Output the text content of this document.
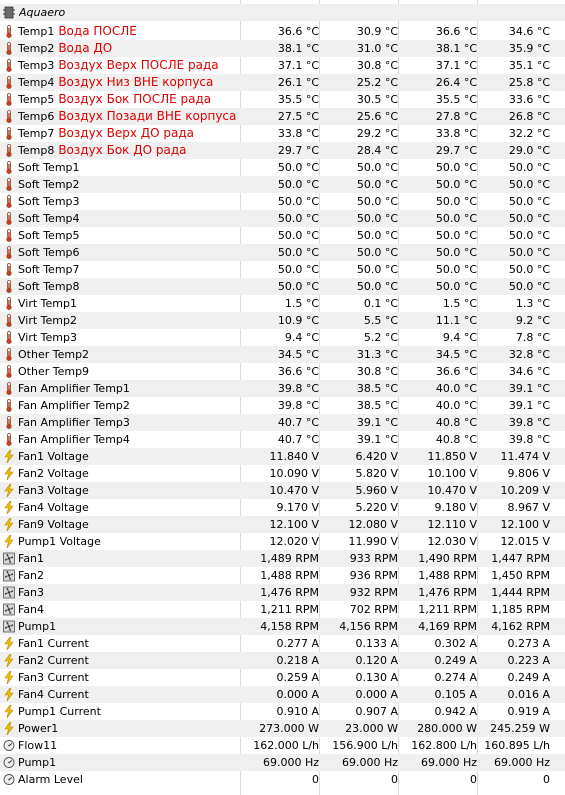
Aquaero
Temp1 Вода ПОСЛЕ	36.6 °C	30.9 °C	36.6 °C	34.6 °C
Temp2 Вода ДО	38.1 °C	31.0 °C	38.1 °C	35.9 °C
Temp3 Воздух Верх ПОСЛЕ рада	37.1 °C	30.8 °C	37.1 °C	35.1 °C
Temp4 Воздух Низ ВНЕ корпуса	26.1 °C	25.2 °C	26.4 °C	25.8 °C
Temp5 Воздух Бок ПОСЛЕ рада	35.5 °C	30.5 °C	35.5 °C	33.6 °C
Temp6 Воздух Позади ВНЕ корпуса	27.5 °C	25.6 °C	27.8 °C	26.8 °C
Temp7 Воздух Верх ДО рада	33.8 °C	29.2 °C	33.8 °C	32.2 °C
Temp8 Воздух Бок ДО рада	29.7 °C	28.4 °C	29.7 °C	29.0 °C
Soft Temp1	50.0 °C	50.0 °C	50.0 °C	50.0 °C
Soft Temp2	50.0 °C	50.0 °C	50.0 °C	50.0 °C
Soft Temp3	50.0 °C	50.0 °C	50.0 °C	50.0 °C
Soft Temp4	50.0 °C	50.0 °C	50.0 °C	50.0 °C
Soft Temp5	50.0 °C	50.0 °C	50.0 °C	50.0 °C
Soft Temp6	50.0 °C	50.0 °C	50.0 °C	50.0 °C
Soft Temp7	50.0 °C	50.0 °C	50.0 °C	50.0 °C
Soft Temp8	50.0 °C	50.0 °C	50.0 °C	50.0 °C
Virt Temp1	1.5 °C	0.1 °C	1.5 °C	1.3 °C
Virt Temp2	10.9 °C	5.5 °C	11.1 °C	9.2 °C
Virt Temp3	9.4 °C	5.2 °C	9.4 °C	7.8 °C
Other Temp2	34.5 °C	31.3 °C	34.5 °C	32.8 °C
Other Temp9	36.6 °C	30.8 °C	36.6 °C	34.6 °C
Fan Amplifier Temp1	39.8 °C	38.5 °C	40.0 °C	39.1 °C
Fan Amplifier Temp2	39.8 °C	38.5 °C	40.0 °C	39.1 °C
Fan Amplifier Temp3	40.7 °C	39.1 °C	40.8 °C	39.8 °C
Fan Amplifier Temp4	40.7 °C	39.1 °C	40.8 °C	39.8 °C
Fan1 Voltage	11.840 V	6.420 V	11.850 V	11.474 V
Fan2 Voltage	10.090 V	5.820 V	10.100 V	9.806 V
Fan3 Voltage	10.470 V	5.960 V	10.470 V	10.209 V
Fan4 Voltage	9.170 V	5.220 V	9.180 V	8.967 V
Fan9 Voltage	12.100 V	12.080 V	12.110 V	12.100 V
Pump1 Voltage	12.020 V	11.990 V	12.030 V	12.015 V
Fan1	1,489 RPM	933 RPM	1,490 RPM	1,447 RPM
Fan2	1,488 RPM	936 RPM	1,488 RPM	1,450 RPM
Fan3	1,476 RPM	932 RPM	1,476 RPM	1,444 RPM
Fan4	1,211 RPM	702 RPM	1,211 RPM	1,185 RPM
Pump1	4,158 RPM	4,156 RPM	4,169 RPM	4,162 RPM
Fan1 Current	0.277 A	0.133 A	0.302 A	0.273 A
Fan2 Current	0.218 A	0.120 A	0.249 A	0.223 A
Fan3 Current	0.259 A	0.130 A	0.274 A	0.249 A
Fan4 Current	0.000 A	0.000 A	0.105 A	0.016 A
Pump1 Current	0.910 A	0.907 A	0.942 A	0.919 A
Power1	273.000 W	23.000 W	280.000 W	245.259 W
Flow11	162.000 L/h	156.900 L/h	162.800 L/h 160.895 L/h
Pump1	69.000 Hz	69.000 Hz	69.000 Hz	69.000 Hz
Alarm Level	0	0	0	0
